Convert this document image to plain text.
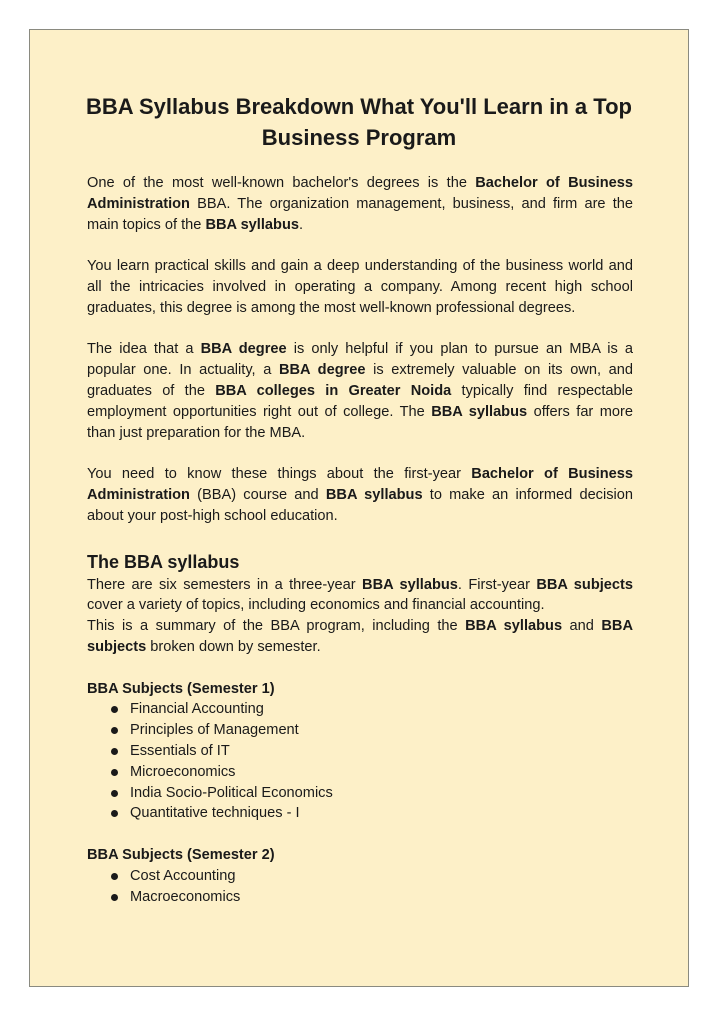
BBA Syllabus Breakdown What You'll Learn in a Top Business Program

One of the most well-known bachelor's degrees is the Bachelor of Business Administration BBA. The organization management, business, and firm are the main topics of the BBA syllabus.

You learn practical skills and gain a deep understanding of the business world and all the intricacies involved in operating a company. Among recent high school graduates, this degree is among the most well-known professional degrees.

The idea that a BBA degree is only helpful if you plan to pursue an MBA is a popular one. In actuality, a BBA degree is extremely valuable on its own, and graduates of the BBA colleges in Greater Noida typically find respectable employment opportunities right out of college. The BBA syllabus offers far more than just preparation for the MBA.

You need to know these things about the first-year Bachelor of Business Administration (BBA) course and BBA syllabus to make an informed decision about your post-high school education.

The BBA syllabus

There are six semesters in a three-year BBA syllabus. First-year BBA subjects cover a variety of topics, including economics and financial accounting.

This is a summary of the BBA program, including the BBA syllabus and BBA subjects broken down by semester.

BBA Subjects (Semester 1)
Financial Accounting
Principles of Management
Essentials of IT
Microeconomics
India Socio-Political Economics
Quantitative techniques - I
BBA Subjects (Semester 2)
Cost Accounting
Macroeconomics
